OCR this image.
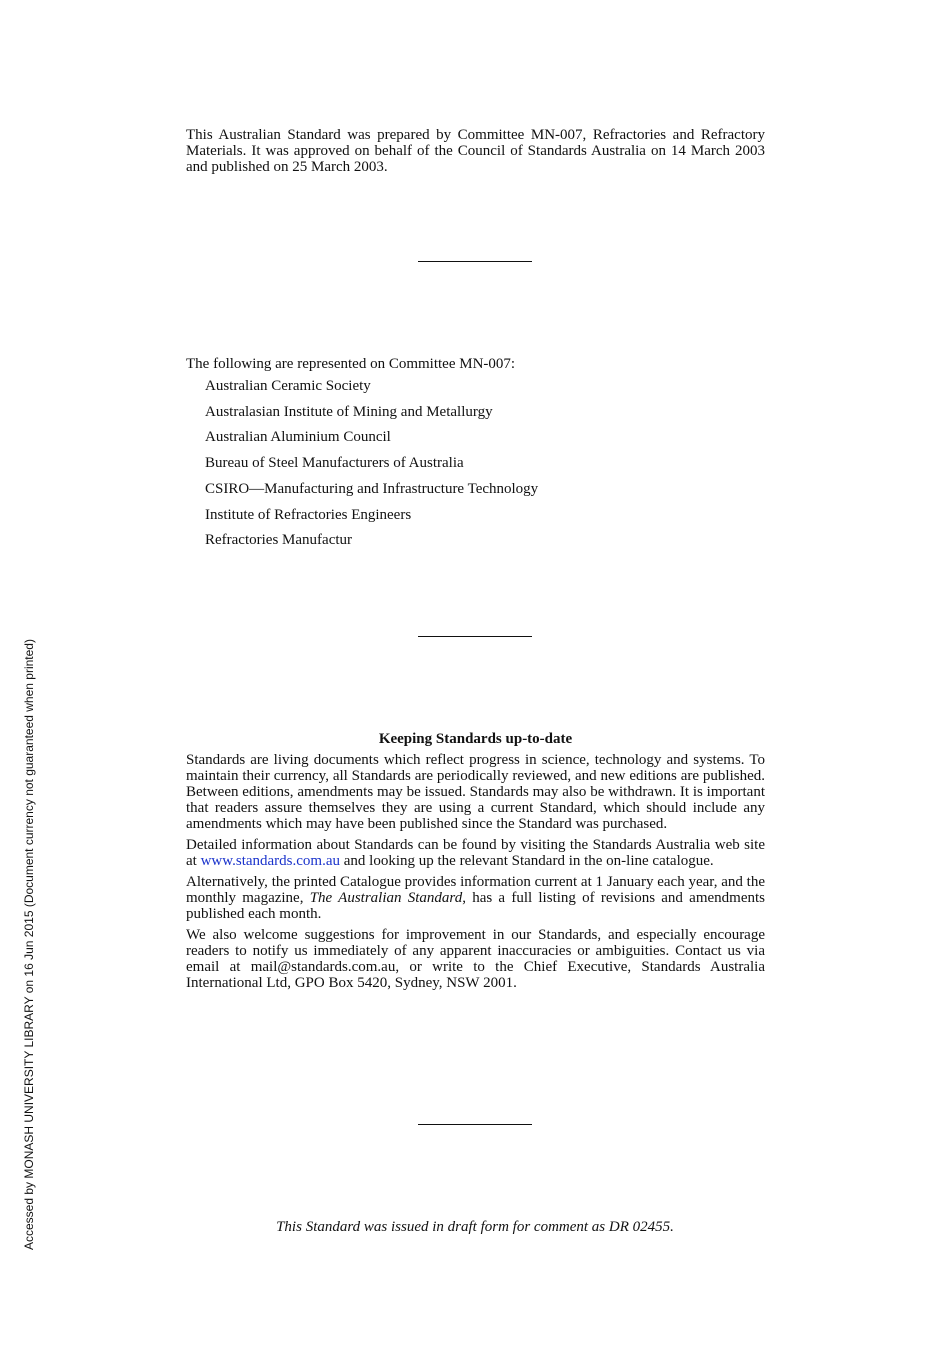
This Australian Standard was prepared by Committee MN-007, Refractories and Refractory Materials. It was approved on behalf of the Council of Standards Australia on 14 March 2003 and published on 25 March 2003.

The following are represented on Committee MN-007:

Australian Ceramic Society
Australasian Institute of Mining and Metallurgy
Australian Aluminium Council
Bureau of Steel Manufacturers of Australia
CSIRO—Manufacturing and Infrastructure Technology
Institute of Refractories Engineers
Refractories Manufactur
Keeping Standards up-to-date

Standards are living documents which reflect progress in science, technology and systems. To maintain their currency, all Standards are periodically reviewed, and new editions are published. Between editions, amendments may be issued. Standards may also be withdrawn. It is important that readers assure themselves they are using a current Standard, which should include any amendments which may have been published since the Standard was purchased.

Detailed information about Standards can be found by visiting the Standards Australia web site at www.standards.com.au and looking up the relevant Standard in the on-line catalogue.

Alternatively, the printed Catalogue provides information current at 1 January each year, and the monthly magazine, The Australian Standard, has a full listing of revisions and amendments published each month.

We also welcome suggestions for improvement in our Standards, and especially encourage readers to notify us immediately of any apparent inaccuracies or ambiguities. Contact us via email at mail@standards.com.au, or write to the Chief Executive, Standards Australia International Ltd, GPO Box 5420, Sydney, NSW 2001.

This Standard was issued in draft form for comment as DR 02455.
Accessed by MONASH UNIVERSITY LIBRARY on 16 Jun 2015 (Document currency not guaranteed when printed)
